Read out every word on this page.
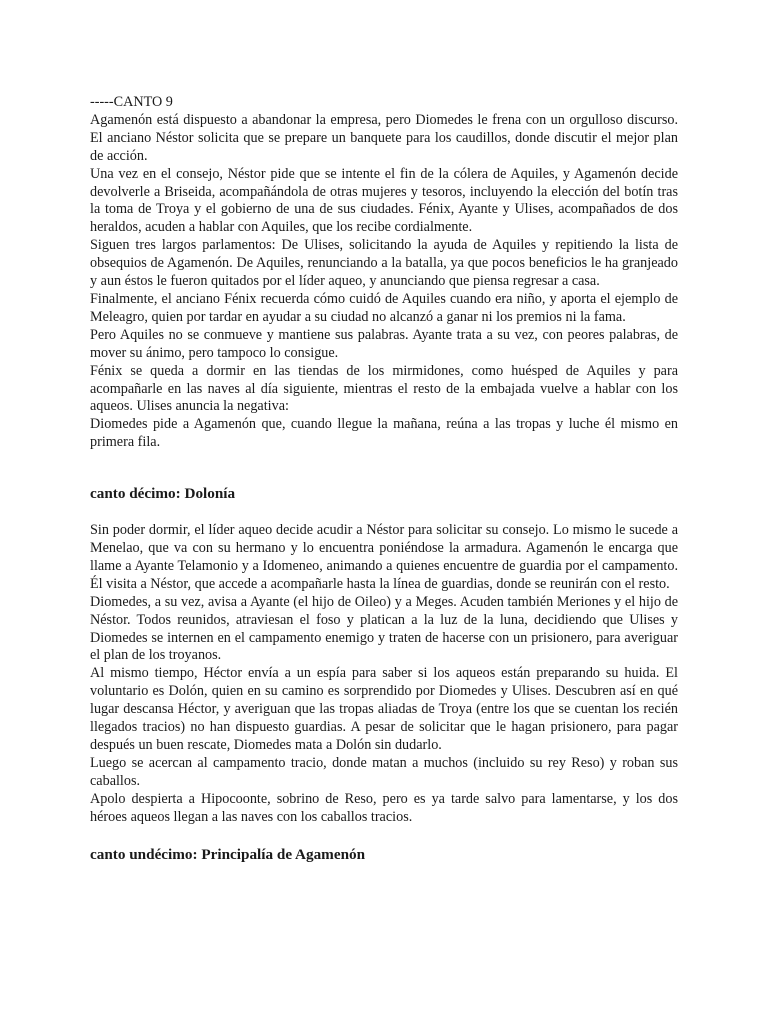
-----CANTO 9

Agamenón está dispuesto a abandonar la empresa, pero Diomedes le frena con un orgulloso discurso. El anciano Néstor solicita que se prepare un banquete para los caudillos, donde discutir el mejor plan de acción.

Una vez en el consejo, Néstor pide que se intente el fin de la cólera de Aquiles, y Agamenón decide devolverle a Briseida, acompañándola de otras mujeres y tesoros, incluyendo la elección del botín tras la toma de Troya y el gobierno de una de sus ciudades. Fénix, Ayante y Ulises, acompañados de dos heraldos, acuden a hablar con Aquiles, que los recibe cordialmente.

Siguen tres largos parlamentos: De Ulises, solicitando la ayuda de Aquiles y repitiendo la lista de obsequios de Agamenón. De Aquiles, renunciando a la batalla, ya que pocos beneficios le ha granjeado y aun éstos le fueron quitados por el líder aqueo, y anunciando que piensa regresar a casa.

Finalmente, el anciano Fénix recuerda cómo cuidó de Aquiles cuando era niño, y aporta el ejemplo de Meleagro, quien por tardar en ayudar a su ciudad no alcanzó a ganar ni los premios ni la fama.

Pero Aquiles no se conmueve y mantiene sus palabras. Ayante trata a su vez, con peores palabras, de mover su ánimo, pero tampoco lo consigue.

Fénix se queda a dormir en las tiendas de los mirmidones, como huésped de Aquiles y para acompañarle en las naves al día siguiente, mientras el resto de la embajada vuelve a hablar con los aqueos. Ulises anuncia la negativa:

Diomedes pide a Agamenón que, cuando llegue la mañana, reúna a las tropas y luche él mismo en primera fila.

canto décimo: Dolonía

Sin poder dormir, el líder aqueo decide acudir a Néstor para solicitar su consejo. Lo mismo le sucede a Menelao, que va con su hermano y lo encuentra poniéndose la armadura. Agamenón le encarga que llame a Ayante Telamonio y a Idomeneo, animando a quienes encuentre de guardia por el campamento. Él visita a Néstor, que accede a acompañarle hasta la línea de guardias, donde se reunirán con el resto.

Diomedes, a su vez, avisa a Ayante (el hijo de Oileo) y a Meges. Acuden también Meriones y el hijo de Néstor. Todos reunidos, atraviesan el foso y platican a la luz de la luna, decidiendo que Ulises y Diomedes se internen en el campamento enemigo y traten de hacerse con un prisionero, para averiguar el plan de los troyanos.

Al mismo tiempo, Héctor envía a un espía para saber si los aqueos están preparando su huida. El voluntario es Dolón, quien en su camino es sorprendido por Diomedes y Ulises. Descubren así en qué lugar descansa Héctor, y averiguan que las tropas aliadas de Troya (entre los que se cuentan los recién llegados tracios) no han dispuesto guardias. A pesar de solicitar que le hagan prisionero, para pagar después un buen rescate, Diomedes mata a Dolón sin dudarlo.

Luego se acercan al campamento tracio, donde matan a muchos (incluido su rey Reso) y roban sus caballos.

Apolo despierta a Hipocoonte, sobrino de Reso, pero es ya tarde salvo para lamentarse, y los dos héroes aqueos llegan a las naves con los caballos tracios.

canto undécimo: Principalía de Agamenón
